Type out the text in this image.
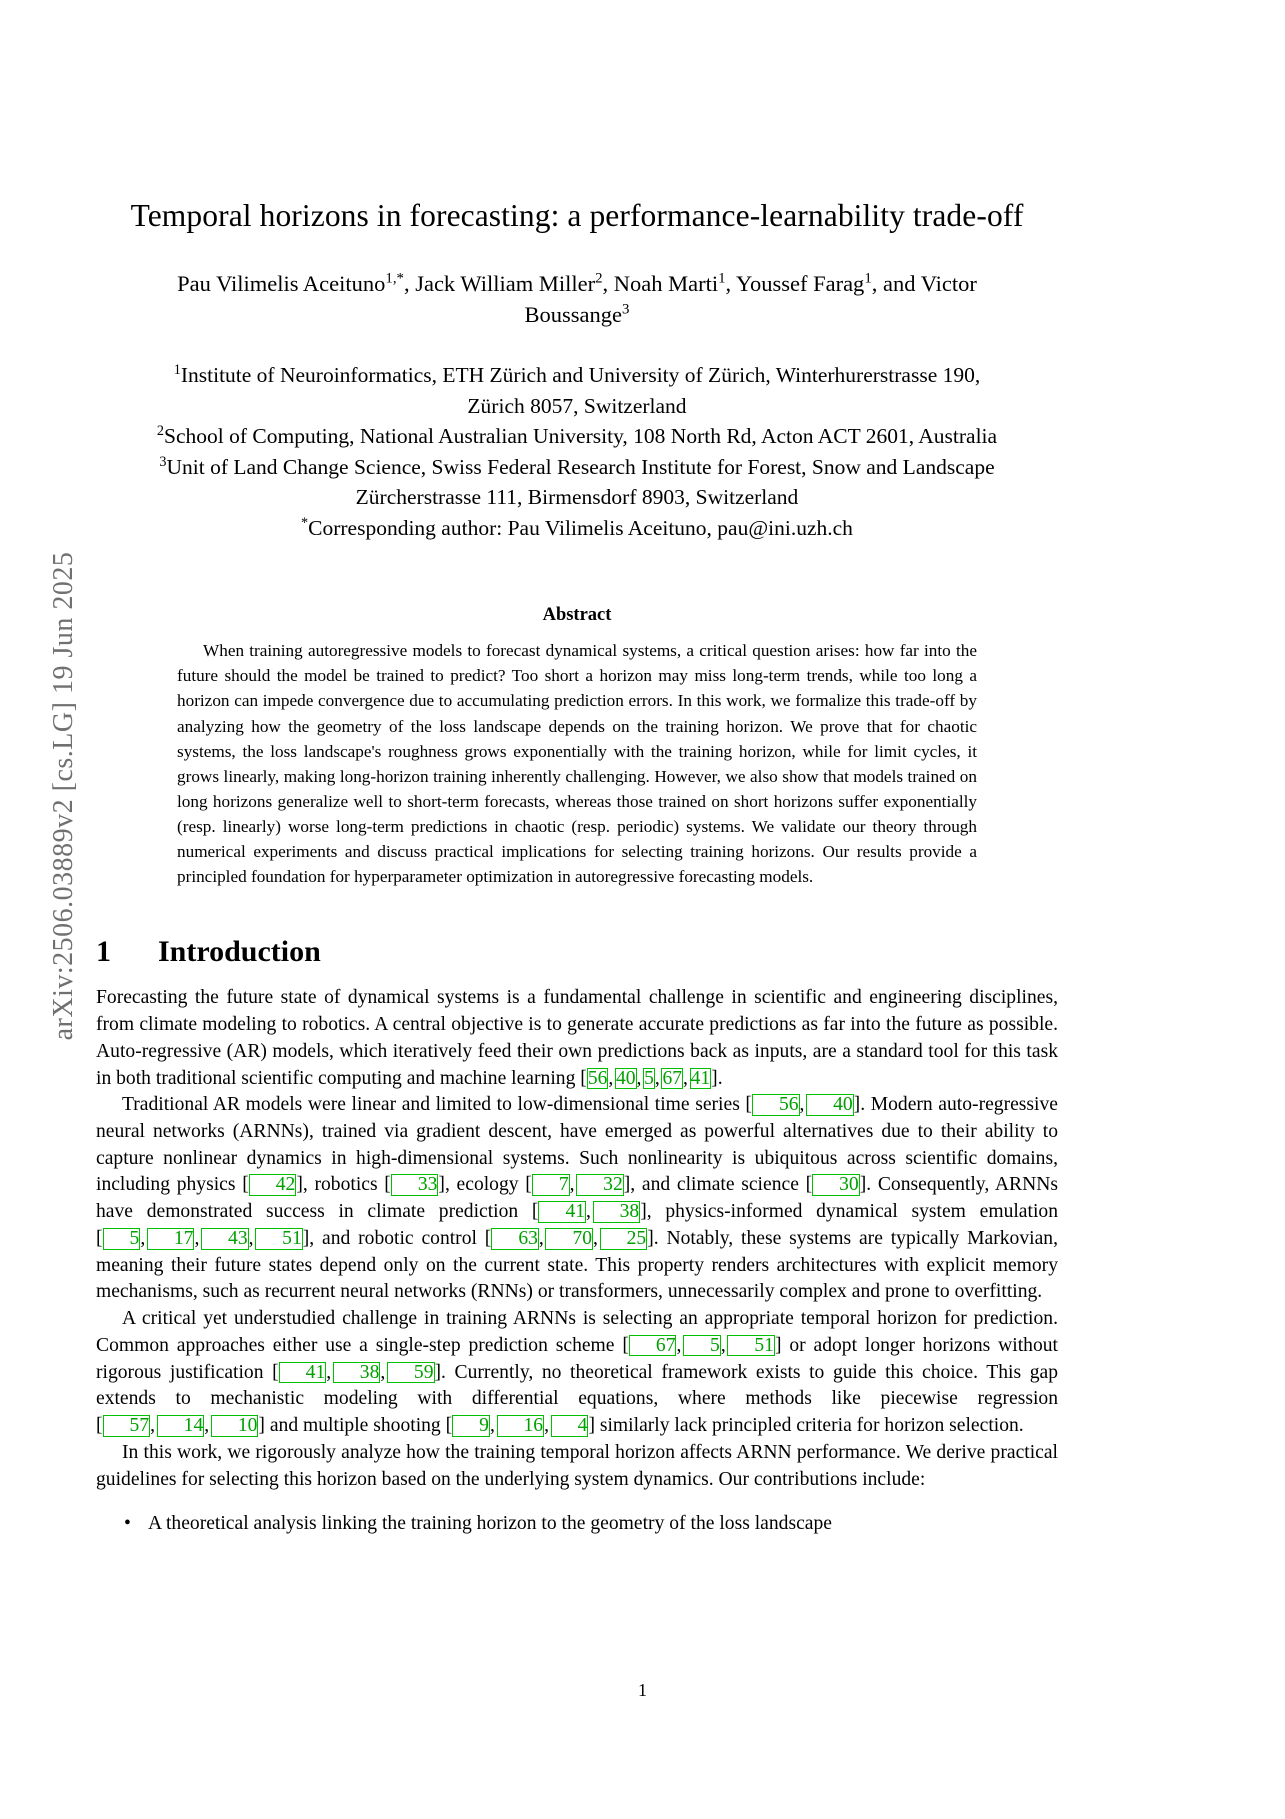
arXiv:2506.03889v2 [cs.LG] 19 Jun 2025
Temporal horizons in forecasting: a performance-learnability trade-off
Pau Vilimelis Aceituno$^{1,*}$, Jack William Miller$^2$, Noah Marti$^1$, Youssef Farag$^1$, and Victor
Boussange$^3$
$^1$Institute of Neuroinformatics, ETH Zürich and University of Zürich, Winterhurerstrasse 190,
Zürich 8057, Switzerland
$^2$School of Computing, National Australian University, 108 North Rd, Acton ACT 2601, Australia
$^3$Unit of Land Change Science, Swiss Federal Research Institute for Forest, Snow and Landscape
Zürcherstrasse 111, Birmensdorf 8903, Switzerland
*Corresponding author: Pau Vilimelis Aceituno, pau@ini.uzh.ch
Abstract
When training autoregressive models to forecast dynamical systems, a critical question arises: how far into the future should the model be trained to predict? Too short a horizon may miss long-term trends, while too long a horizon can impede convergence due to accumulating prediction errors. In this work, we formalize this trade-off by analyzing how the geometry of the loss landscape depends on the training horizon. We prove that for chaotic systems, the loss landscape's roughness grows exponentially with the training horizon, while for limit cycles, it grows linearly, making long-horizon training inherently challenging. However, we also show that models trained on long horizons generalize well to short-term forecasts, whereas those trained on short horizons suffer exponentially (resp. linearly) worse long-term predictions in chaotic (resp. periodic) systems. We validate our theory through numerical experiments and discuss practical implications for selecting training horizons. Our results provide a principled foundation for hyperparameter optimization in autoregressive forecasting models.
1	Introduction

Forecasting the future state of dynamical systems is a fundamental challenge in scientific and engineering disciplines, from climate modeling to robotics. A central objective is to generate accurate predictions as far into the future as possible. Auto-regressive (AR) models, which iteratively feed their own predictions back as inputs, are a standard tool for this task in both traditional scientific computing and machine learning [56, 40, 5, 67, 41].

Traditional AR models were linear and limited to low-dimensional time series [ 56, 40]. Modern auto-regressive neural networks (ARNNs), trained via gradient descent, have emerged as powerful alternatives due to their ability to capture nonlinear dynamics in high-dimensional systems. Such nonlinearity is ubiquitous across scientific domains, including physics [ 42], robotics [ 33], ecology [ 7, 32], and climate science [ 30]. Consequently, ARNNs have demonstrated success in climate prediction [ 41, 38], physics-informed dynamical system emulation [ 5, 17, 43, 51], and robotic control [ 63, 70, 25]. Notably, these systems are typically Markovian, meaning their future states depend only on the current state. This property renders architectures with explicit memory mechanisms, such as recurrent neural networks (RNNs) or transformers, unnecessarily complex and prone to overfitting.

A critical yet understudied challenge in training ARNNs is selecting an appropriate temporal horizon for prediction. Common approaches either use a single-step prediction scheme [ 67, 5, 51] or adopt longer horizons without rigorous justification [ 41, 38, 59]. Currently, no theoretical framework exists to guide this choice. This gap extends to mechanistic modeling with differential equations, where methods like piecewise regression [ 57, 14, 10] and multiple shooting [ 9, 16, 4] similarly lack principled criteria for horizon selection.

In this work, we rigorously analyze how the training temporal horizon affects ARNN performance. We derive practical guidelines for selecting this horizon based on the underlying system dynamics. Our contributions include:

• A theoretical analysis linking the training horizon to the geometry of the loss landscape
1
